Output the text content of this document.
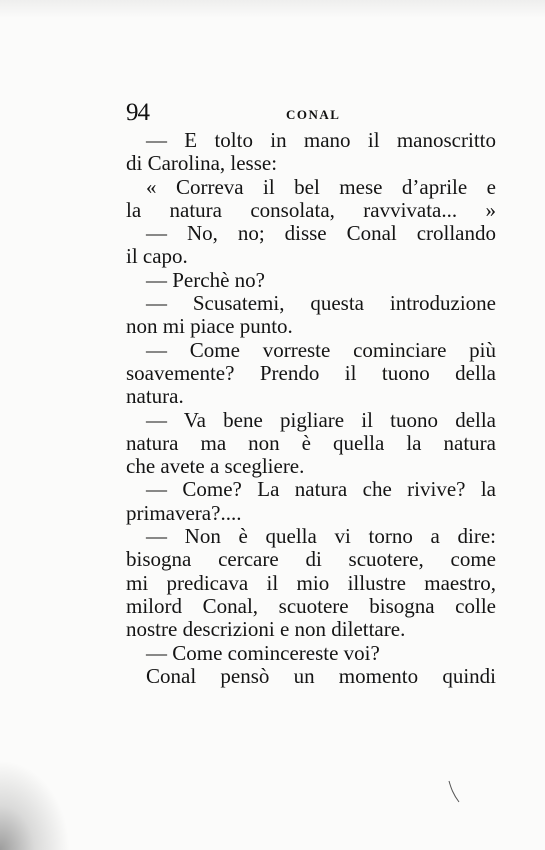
94	CONAL
— E tolto in mano il manoscritto
di Carolina, lesse:
« Correva il bel mese d’aprile e
la natura consolata, ravvivata... »
— No, no; disse Conal crollando
il capo.
— Perchè no?
— Scusatemi, questa introduzione
non mi piace punto.
— Come vorreste cominciare più
soavemente? Prendo il tuono della
natura.
— Va bene pigliare il tuono della
natura ma non è quella la natura
che avete a scegliere.
— Come? La natura che rivive? la
primavera?....
— Non è quella vi torno a dire:
bisogna cercare di scuotere, come
mi predicava il mio illustre maestro,
milord Conal, scuotere bisogna colle
nostre descrizioni e non dilettare.
— Come comincereste voi?
Conal pensò un momento quindi
